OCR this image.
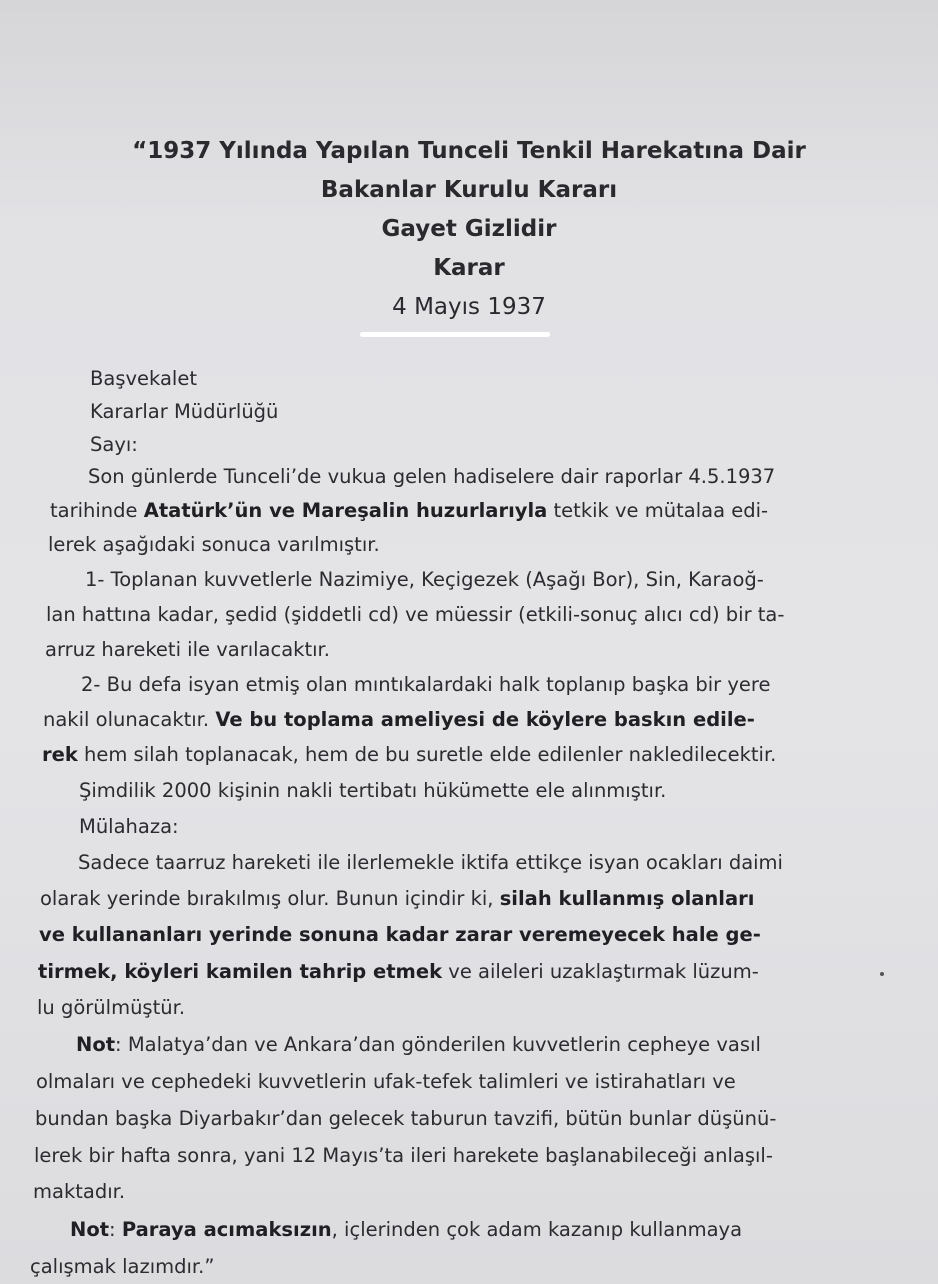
“1937 Yılında Yapılan Tunceli Tenkil Harekatına Dair
Bakanlar Kurulu Kararı
Gayet Gizlidir
Karar
4 Mayıs 1937
Başvekalet
Kararlar Müdürlüğü
Sayı:
Son günlerde Tunceli’de vukua gelen hadiselere dair raporlar 4.5.1937
tarihinde Atatürk’ün ve Mareşalin huzurlarıyla tetkik ve mütalaa edi-
lerek aşağıdaki sonuca varılmıştır.
1- Toplanan kuvvetlerle Nazimiye, Keçigezek (Aşağı Bor), Sin, Karaoğ-
lan hattına kadar, şedid (şiddetli cd) ve müessir (etkili-sonuç alıcı cd) bir ta-
arruz hareketi ile varılacaktır.
2- Bu defa isyan etmiş olan mıntıkalardaki halk toplanıp başka bir yere
nakil olunacaktır. Ve bu toplama ameliyesi de köylere baskın edile-
rek hem silah toplanacak, hem de bu suretle elde edilenler nakledilecektir.
Şimdilik 2000 kişinin nakli tertibatı hükümette ele alınmıştır.
Mülahaza:
Sadece taarruz hareketi ile ilerlemekle iktifa ettikçe isyan ocakları daimi
olarak yerinde bırakılmış olur. Bunun içindir ki, silah kullanmış olanları
ve kullananları yerinde sonuna kadar zarar veremeyecek hale ge-
tirmek, köyleri kamilen tahrip etmek ve aileleri uzaklaştırmak lüzum-
lu görülmüştür.
Not: Malatya’dan ve Ankara’dan gönderilen kuvvetlerin cepheye vasıl
olmaları ve cephedeki kuvvetlerin ufak-tefek talimleri ve istirahatları ve
bundan başka Diyarbakır’dan gelecek taburun tavzifi, bütün bunlar düşünü-
lerek bir hafta sonra, yani 12 Mayıs’ta ileri harekete başlanabileceği anlaşıl-
maktadır.
Not: Paraya acımaksızın, içlerinden çok adam kazanıp kullanmaya
çalışmak lazımdır.”
